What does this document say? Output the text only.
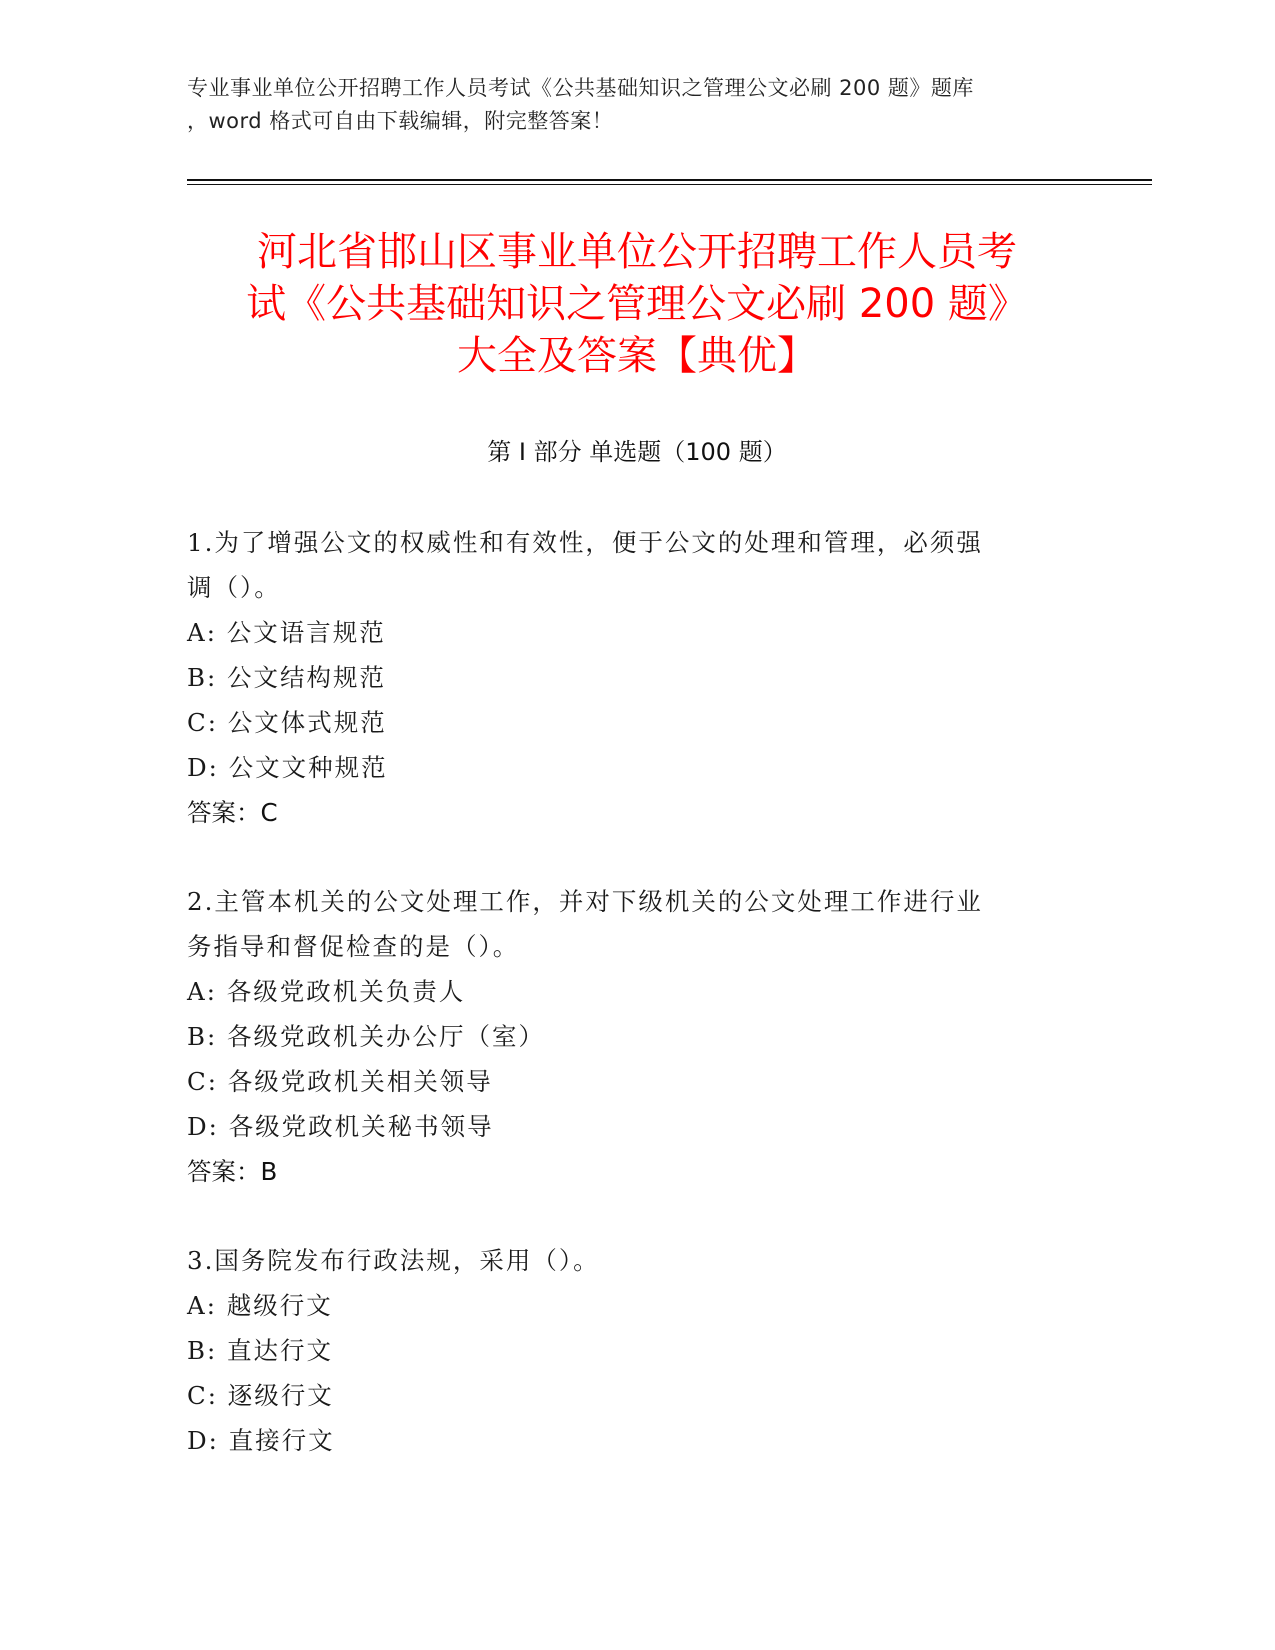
专业事业单位公开招聘工作人员考试《公共基础知识之管理公文必刷 200 题》题库
，word 格式可自由下载编辑，附完整答案！
河北省邯山区事业单位公开招聘工作人员考
试《公共基础知识之管理公文必刷 200 题》
大全及答案【典优】
第 I 部分 单选题（100 题）
1.为了增强公文的权威性和有效性，便于公文的处理和管理，必须强
调（）。
A: 公文语言规范
B: 公文结构规范
C: 公文体式规范
D: 公文文种规范
答案：C
2.主管本机关的公文处理工作，并对下级机关的公文处理工作进行业
务指导和督促检查的是（）。
A: 各级党政机关负责人
B: 各级党政机关办公厅（室）
C: 各级党政机关相关领导
D: 各级党政机关秘书领导
答案：B
3.国务院发布行政法规，采用（）。
A: 越级行文
B: 直达行文
C: 逐级行文
D: 直接行文
